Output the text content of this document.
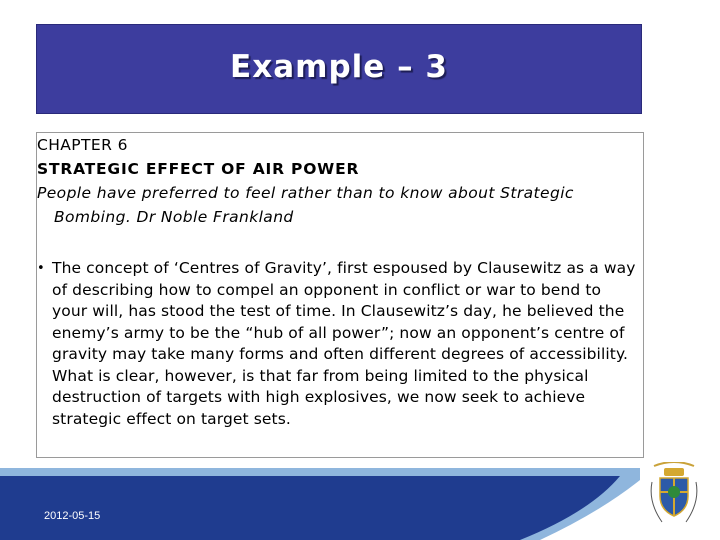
Example – 3
CHAPTER 6
STRATEGIC EFFECT OF AIR POWER
People have preferred to feel rather than to know about Strategic
Bombing. Dr Noble Frankland
• The concept of ‘Centres of Gravity’, first espoused by Clausewitz as a way of describing how to compel an opponent in conflict or war to bend to your will, has stood the test of time. In Clausewitz’s day, he believed the enemy’s army to be the “hub of all power”; now an opponent’s centre of gravity may take many forms and often different degrees of accessibility. What is clear, however, is that far from being limited to the physical destruction of targets with high explosives, we now seek to achieve strategic effect on target sets.
2012-05-15
